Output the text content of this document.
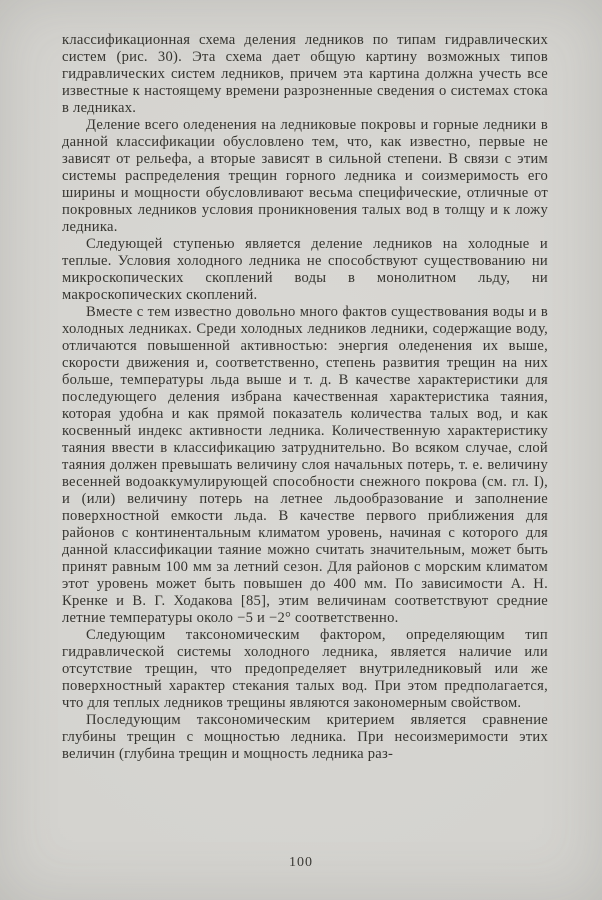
классификационная схема деления ледников по типам гидравлических систем (рис. 30). Эта схема дает общую картину возможных типов гидравлических систем ледников, причем эта картина должна учесть все известные к настоящему времени разрозненные сведения о системах стока в ледниках.

Деление всего оледенения на ледниковые покровы и горные ледники в данной классификации обусловлено тем, что, как известно, первые не зависят от рельефа, а вторые зависят в сильной степени. В связи с этим системы распределения трещин горного ледника и соизмеримость его ширины и мощности обусловливают весьма специфические, отличные от покровных ледников условия проникновения талых вод в толщу и к ложу ледника.

Следующей ступенью является деление ледников на холодные и теплые. Условия холодного ледника не способствуют существованию ни микроскопических скоплений воды в монолитном льду, ни макроскопических скоплений.

Вместе с тем известно довольно много фактов существования воды и в холодных ледниках. Среди холодных ледников ледники, содержащие воду, отличаются повышенной активностью: энергия оледенения их выше, скорости движения и, соответственно, степень развития трещин на них больше, температуры льда выше и т. д. В качестве характеристики для последующего деления избрана качественная характеристика таяния, которая удобна и как прямой показатель количества талых вод, и как косвенный индекс активности ледника. Количественную характеристику таяния ввести в классификацию затруднительно. Во всяком случае, слой таяния должен превышать величину слоя начальных потерь, т. е. величину весенней водоаккумулирующей способности снежного покрова (см. гл. I), и (или) величину потерь на летнее льдообразование и заполнение поверхностной емкости льда. В качестве первого приближения для районов с континентальным климатом уровень, начиная с которого для данной классификации таяние можно считать значительным, может быть принят равным 100 мм за летний сезон. Для районов с морским климатом этот уровень может быть повышен до 400 мм. По зависимости А. Н. Кренке и В. Г. Ходакова [85], этим величинам соответствуют средние летние температуры около −5 и −2° соответственно.

Следующим таксономическим фактором, определяющим тип гидравлической системы холодного ледника, является наличие или отсутствие трещин, что предопределяет внутриледниковый или же поверхностный характер стекания талых вод. При этом предполагается, что для теплых ледников трещины являются закономерным свойством.

Последующим таксономическим критерием является сравнение глубины трещин с мощностью ледника. При несоизмеримости этих величин (глубина трещин и мощность ледника раз-

100
